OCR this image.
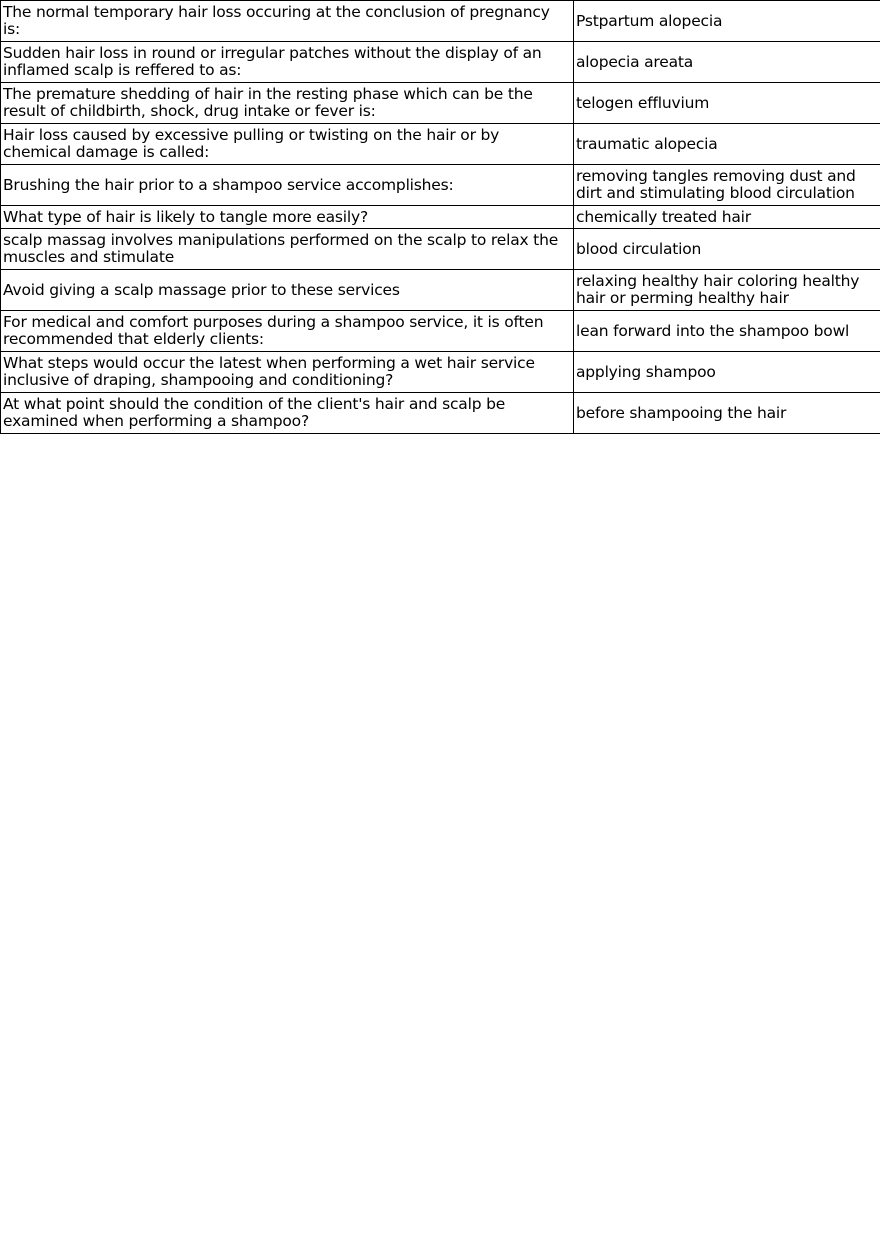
The normal temporary hair loss occuring at the conclusion of pregnancy is:	Pstpartum alopecia
Sudden hair loss in round or irregular patches without the display of an inflamed scalp is reffered to as:	alopecia areata
The premature shedding of hair in the resting phase which can be the result of childbirth, shock, drug intake or fever is:	telogen effluvium
Hair loss caused by excessive pulling or twisting on the hair or by chemical damage is called:	traumatic alopecia
Brushing the hair prior to a shampoo service accomplishes:	removing tangles removing dust and dirt and stimulating blood circulation
What type of hair is likely to tangle more easily?	chemically treated hair
scalp massag involves manipulations performed on the scalp to relax the muscles and stimulate	blood circulation
Avoid giving a scalp massage prior to these services	relaxing healthy hair coloring healthy hair or perming healthy hair
For medical and comfort purposes during a shampoo service, it is often recommended that elderly clients:	lean forward into the shampoo bowl
What steps would occur the latest when performing a wet hair service inclusive of draping, shampooing and conditioning?	applying shampoo
At what point should the condition of the client's hair and scalp be examined when performing a shampoo?	before shampooing the hair
